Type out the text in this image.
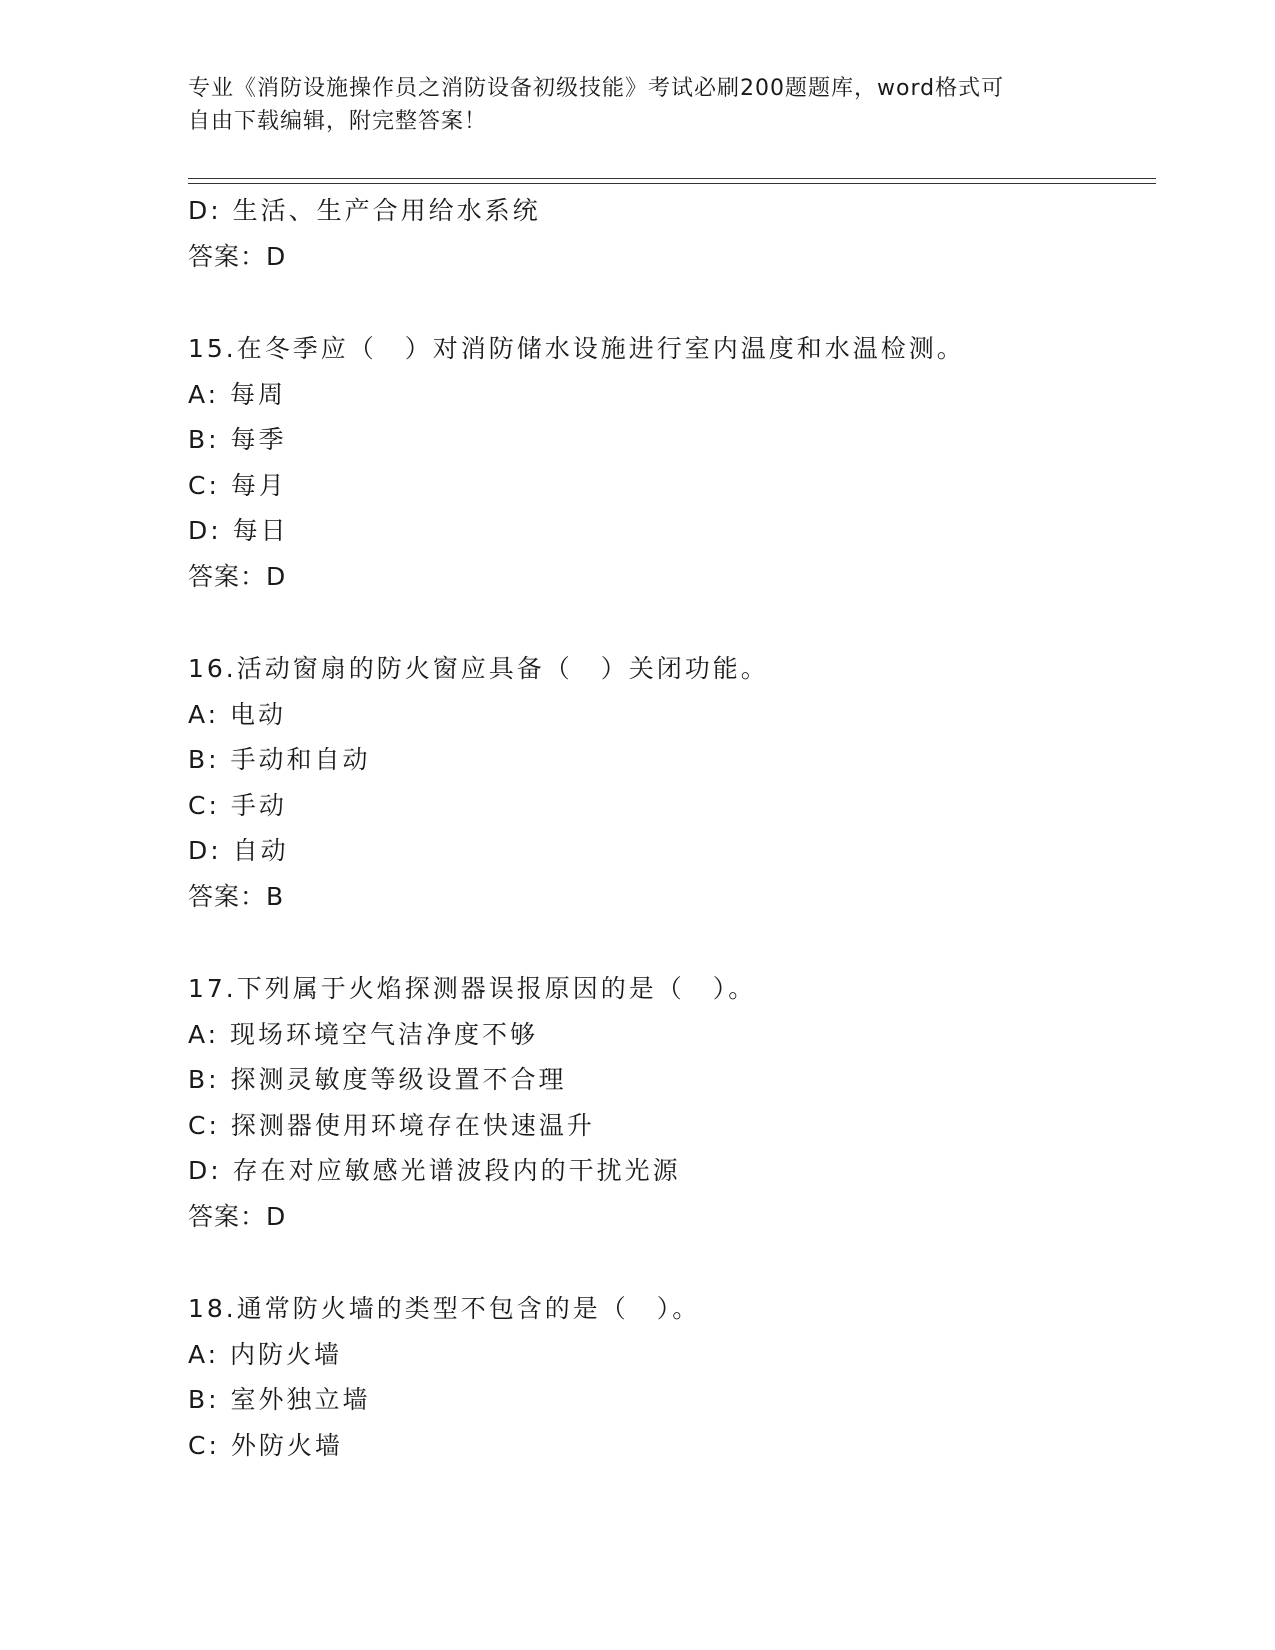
专业《消防设施操作员之消防设备初级技能》考试必刷200题题库，word格式可
自由下载编辑，附完整答案！
D: 生活、生产合用给水系统
答案：D
15.在冬季应（　）对消防储水设施进行室内温度和水温检测。
A: 每周
B: 每季
C: 每月
D: 每日
答案：D
16.活动窗扇的防火窗应具备（　）关闭功能。
A: 电动
B: 手动和自动
C: 手动
D: 自动
答案：B
17.下列属于火焰探测器误报原因的是（　）。
A: 现场环境空气洁净度不够
B: 探测灵敏度等级设置不合理
C: 探测器使用环境存在快速温升
D: 存在对应敏感光谱波段内的干扰光源
答案：D
18.通常防火墙的类型不包含的是（　）。
A: 内防火墙
B: 室外独立墙
C: 外防火墙
